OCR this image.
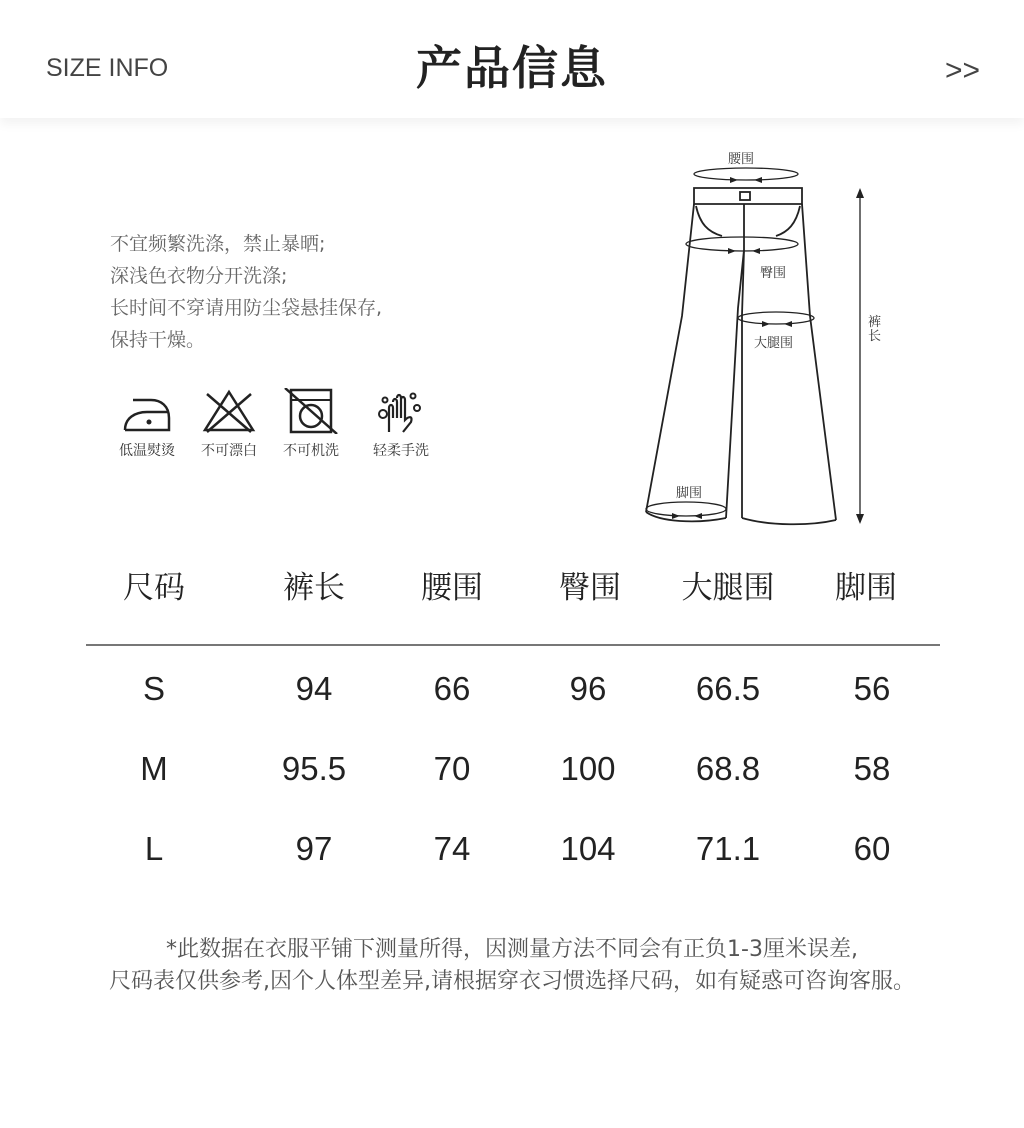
SIZE INFO	产品信息	>>
不宜频繁洗涤，禁止暴晒;
深浅色衣物分开洗涤;
长时间不穿请用防尘袋悬挂保存,
保持干燥。
低温熨烫	不可漂白	不可机洗	轻柔手洗
腰围
臀围
大腿围
脚围
裤长
尺码	裤长	腰围	臀围	大腿围	脚围
S	94	66	96	66.5	56
M	95.5	70	100	68.8	58
L	97	74	104	71.1	60
*此数据在衣服平铺下测量所得，因测量方法不同会有正负1-3厘米误差,
尺码表仅供参考,因个人体型差异,请根据穿衣习惯选择尺码，如有疑惑可咨询客服。
